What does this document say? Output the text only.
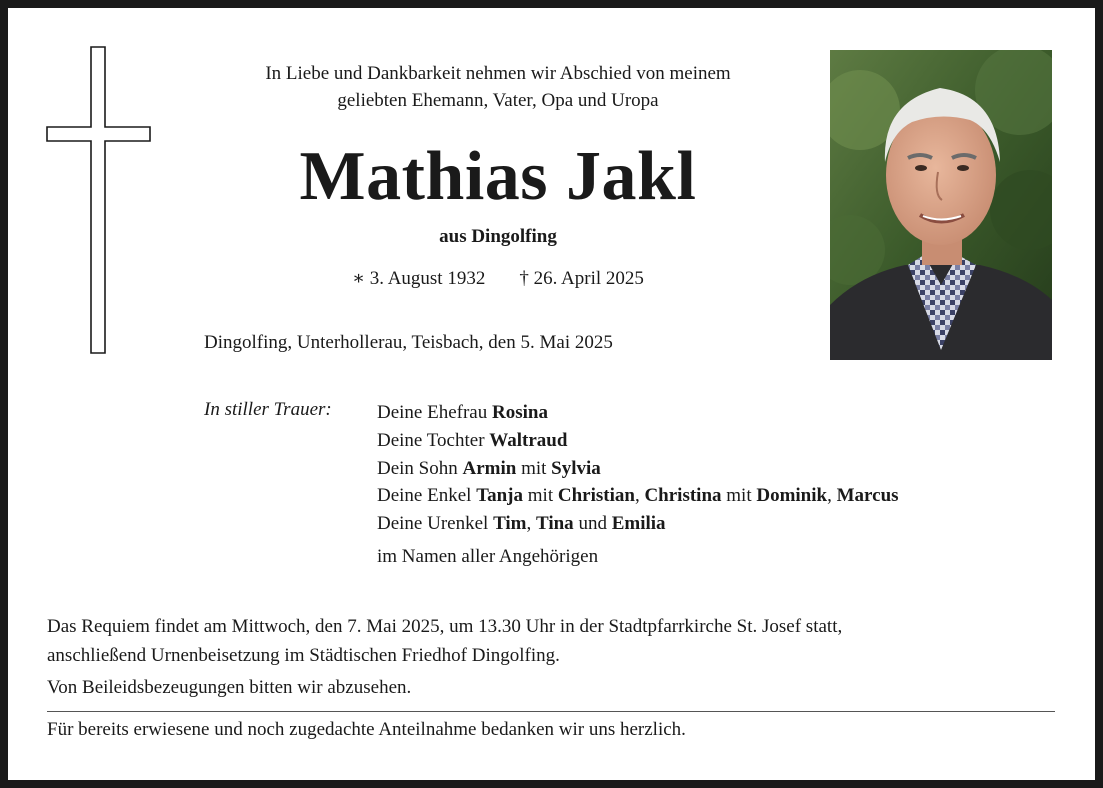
In Liebe und Dankbarkeit nehmen wir Abschied von meinem
geliebten Ehemann, Vater, Opa und Uropa
Mathias Jakl
aus Dingolfing
∗ 3. August 1932 † 26. April 2025
Dingolfing, Unterhollerau, Teisbach, den 5. Mai 2025
In stiller Trauer: Deine Ehefrau Rosina
Deine Tochter Waltraud
Dein Sohn Armin mit Sylvia
Deine Enkel Tanja mit Christian, Christina mit Dominik, Marcus
Deine Urenkel Tim, Tina und Emilia
im Namen aller Angehörigen
Das Requiem findet am Mittwoch, den 7. Mai 2025, um 13.30 Uhr in der Stadtpfarrkirche St. Josef statt,
anschließend Urnenbeisetzung im Städtischen Friedhof Dingolfing.
Von Beileidsbezeugungen bitten wir abzusehen.
Für bereits erwiesene und noch zugedachte Anteilnahme bedanken wir uns herzlich.
